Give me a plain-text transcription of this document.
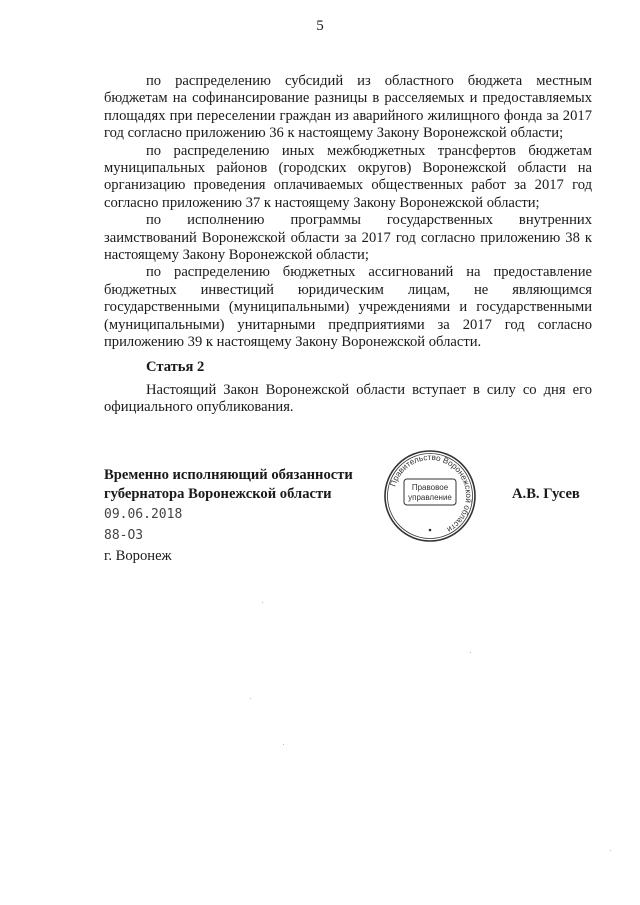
5

по распределению субсидий из областного бюджета местным бюджетам на софинансирование разницы в расселяемых и предоставляемых площадях при переселении граждан из аварийного жилищного фонда за 2017 год согласно приложению 36 к настоящему Закону Воронежской области;

по распределению иных межбюджетных трансфертов бюджетам муниципальных районов (городских округов) Воронежской области на организацию проведения оплачиваемых общественных работ за 2017 год согласно приложению 37 к настоящему Закону Воронежской области;

по исполнению программы государственных внутренних заимствований Воронежской области за 2017 год согласно приложению 38 к настоящему Закону Воронежской области;

по распределению бюджетных ассигнований на предоставление бюджетных инвестиций юридическим лицам, не являющимся государственными (муниципальными) учреждениями и государственными (муниципальными) унитарными предприятиями за 2017 год согласно приложению 39 к настоящему Закону Воронежской области.

Статья 2

Настоящий Закон Воронежской области вступает в силу со дня его официального опубликования.

Временно исполняющий обязанности
губернатора Воронежской области
09.06.2018
88-ОЗ
г. Воронеж
Правительство Воронежской области
Правовое
управление	А.В. Гусев
